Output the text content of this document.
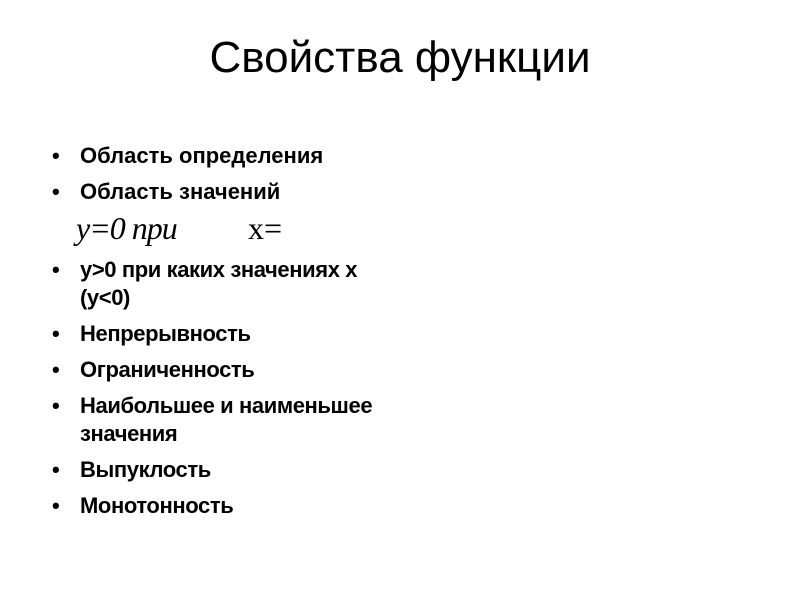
Свойства функции
• Область определения
• Область значений
y=0 при x=
• y>0 при каких значениях x (y<0)
• Непрерывность
• Ограниченность
• Наибольшее и наименьшее значения
• Выпуклость
• Монотонность
